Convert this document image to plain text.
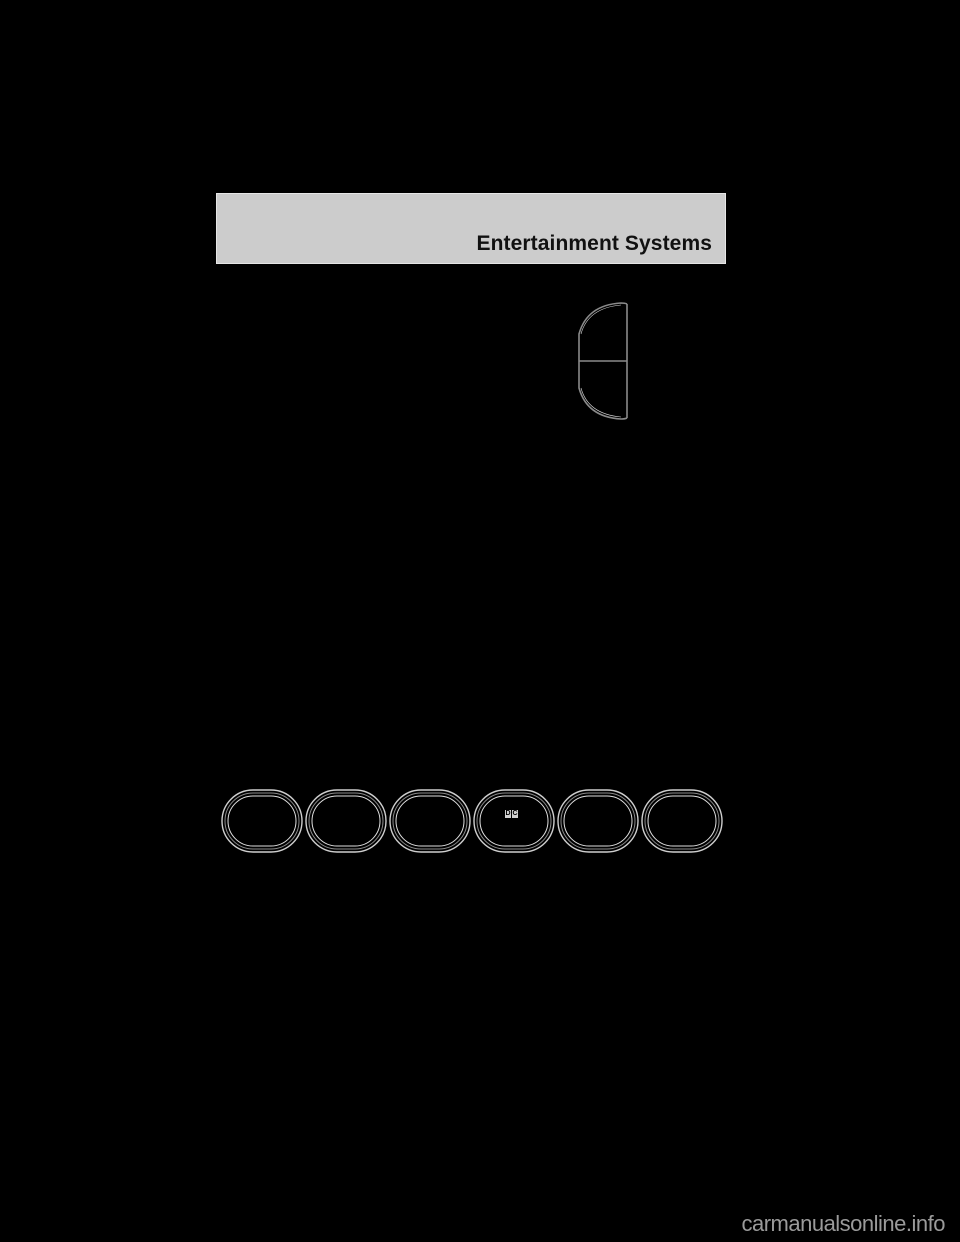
Entertainment Systems
D C
carmanualsonline.info
